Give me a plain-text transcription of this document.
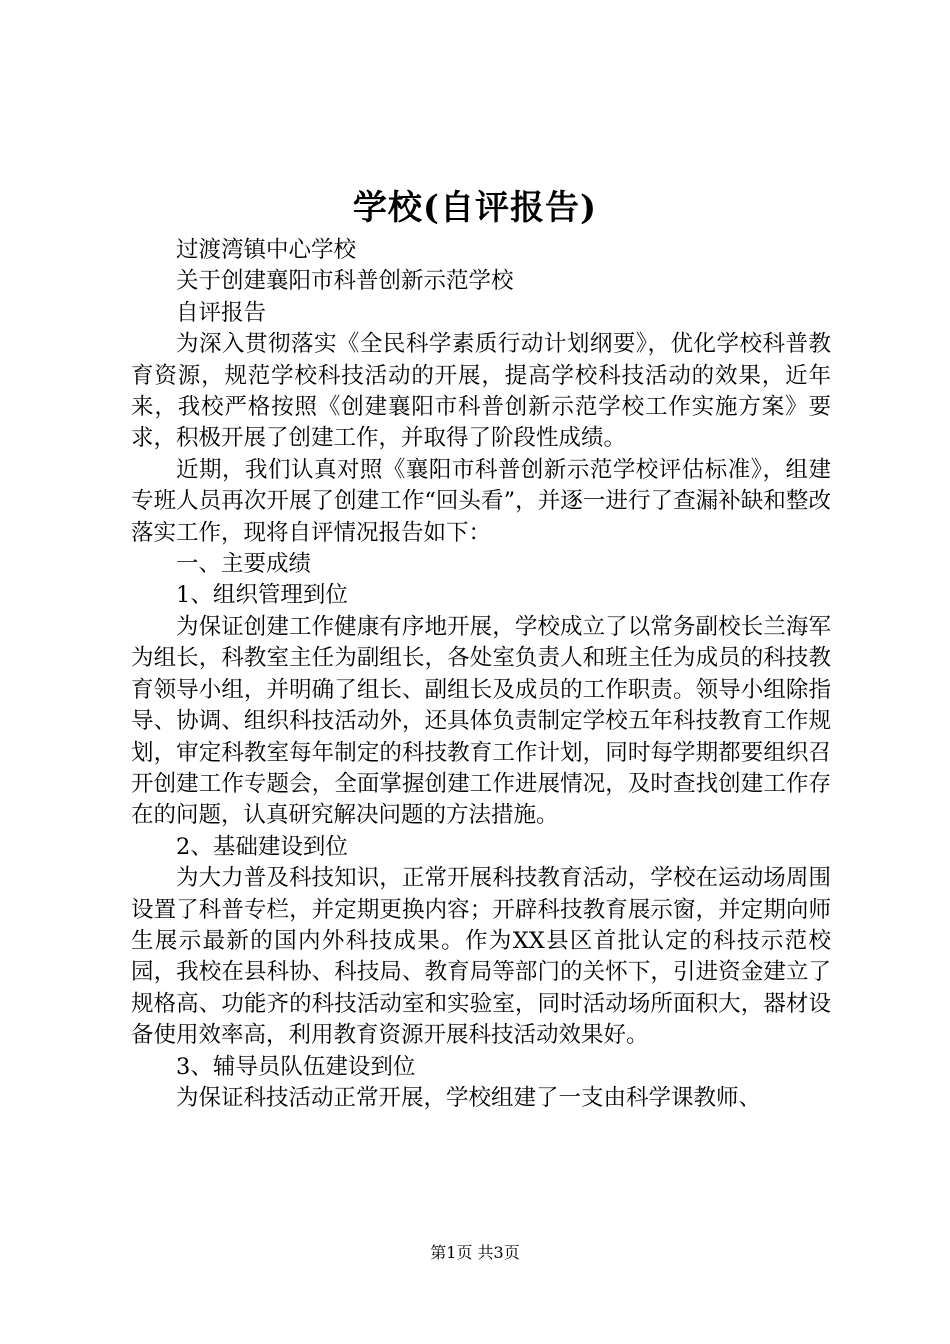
学校(自评报告)

过渡湾镇中心学校

关于创建襄阳市科普创新示范学校

自评报告

为深入贯彻落实《全民科学素质行动计划纲要》，优化学校科普教育资源，规范学校科技活动的开展，提高学校科技活动的效果，近年来，我校严格按照《创建襄阳市科普创新示范学校工作实施方案》要求，积极开展了创建工作，并取得了阶段性成绩。

近期，我们认真对照《襄阳市科普创新示范学校评估标准》，组建专班人员再次开展了创建工作“回头看”，并逐一进行了查漏补缺和整改落实工作，现将自评情况报告如下：

一、主要成绩

1、组织管理到位

为保证创建工作健康有序地开展，学校成立了以常务副校长兰海军为组长，科教室主任为副组长，各处室负责人和班主任为成员的科技教育领导小组，并明确了组长、副组长及成员的工作职责。领导小组除指导、协调、组织科技活动外，还具体负责制定学校五年科技教育工作规划，审定科教室每年制定的科技教育工作计划，同时每学期都要组织召开创建工作专题会，全面掌握创建工作进展情况，及时查找创建工作存在的问题，认真研究解决问题的方法措施。

2、基础建设到位

为大力普及科技知识，正常开展科技教育活动，学校在运动场周围设置了科普专栏，并定期更换内容；开辟科技教育展示窗，并定期向师生展示最新的国内外科技成果。作为XX县区首批认定的科技示范校园，我校在县科协、科技局、教育局等部门的关怀下，引进资金建立了规格高、功能齐的科技活动室和实验室，同时活动场所面积大，器材设备使用效率高，利用教育资源开展科技活动效果好。

3、辅导员队伍建设到位

为保证科技活动正常开展，学校组建了一支由科学课教师、

第1页 共3页
